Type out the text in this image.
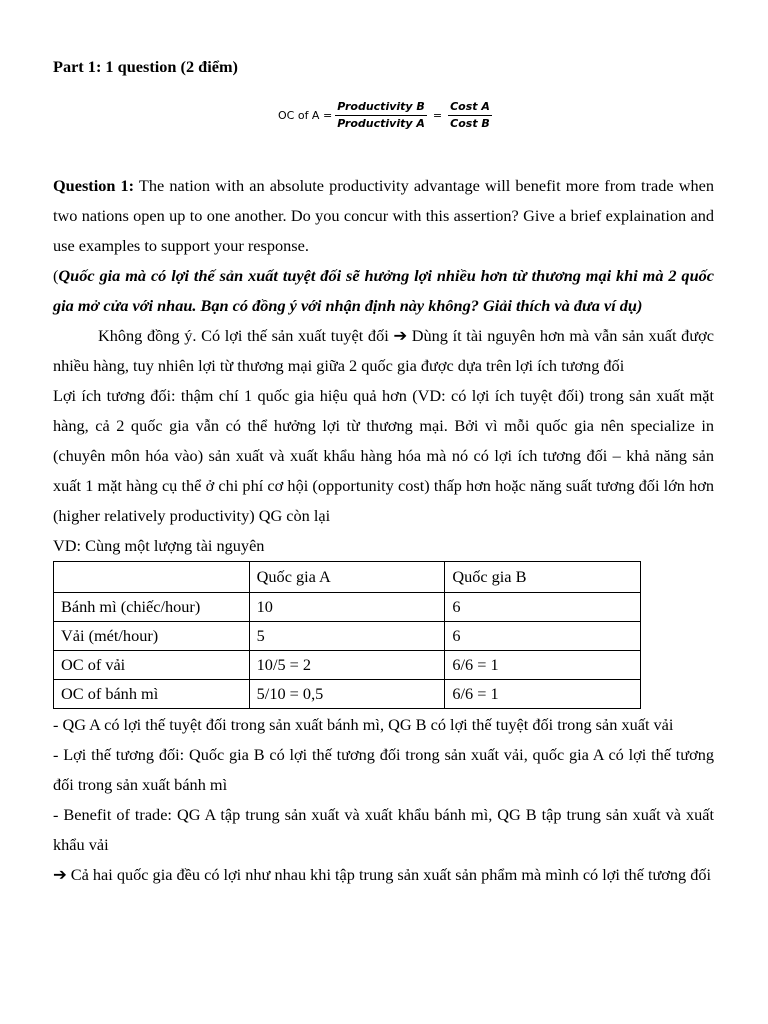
Part 1: 1 question (2 điểm)

OC of $A = \frac{\text{Productivity B}}{\text{Productivity A}} = \frac{\text{Cost A}}{\text{Cost B}}$

Question 1: The nation with an absolute productivity advantage will benefit more from trade when two nations open up to one another. Do you concur with this assertion? Give a brief explaination and use examples to support your response.

(Quốc gia mà có lợi thế sản xuất tuyệt đối sẽ hưởng lợi nhiều hơn từ thương mại khi mà 2 quốc gia mở cửa với nhau. Bạn có đồng ý với nhận định này không? Giải thích và đưa ví dụ)

Không đồng ý. Có lợi thế sản xuất tuyệt đối ➔ Dùng ít tài nguyên hơn mà vẫn sản xuất được nhiều hàng, tuy nhiên lợi từ thương mại giữa 2 quốc gia được dựa trên lợi ích tương đối

Lợi ích tương đối: thậm chí 1 quốc gia hiệu quả hơn (VD: có lợi ích tuyệt đối) trong sản xuất mặt hàng, cả 2 quốc gia vẫn có thể hưởng lợi từ thương mại. Bởi vì mỗi quốc gia nên specialize in (chuyên môn hóa vào) sản xuất và xuất khẩu hàng hóa mà nó có lợi ích tương đối – khả năng sản xuất 1 mặt hàng cụ thể ở chi phí cơ hội (opportunity cost) thấp hơn hoặc năng suất tương đối lớn hơn (higher relatively productivity) QG còn lại

VD: Cùng một lượng tài nguyên

	Quốc gia A	Quốc gia B
Bánh mì (chiếc/hour)	10	6
Vải (mét/hour)	5	6
OC of vải	10/5 = 2	6/6 = 1
OC of bánh mì	5/10 = 0,5	6/6 = 1

- QG A có lợi thế tuyệt đối trong sản xuất bánh mì, QG B có lợi thế tuyệt đối trong sản xuất vải

- Lợi thế tương đối: Quốc gia B có lợi thế tương đối trong sản xuất vải, quốc gia A có lợi thế tương đối trong sản xuất bánh mì

- Benefit of trade: QG A tập trung sản xuất và xuất khẩu bánh mì, QG B tập trung sản xuất và xuất khẩu vải

➔ Cả hai quốc gia đều có lợi như nhau khi tập trung sản xuất sản phẩm mà mình có lợi thế tương đối
